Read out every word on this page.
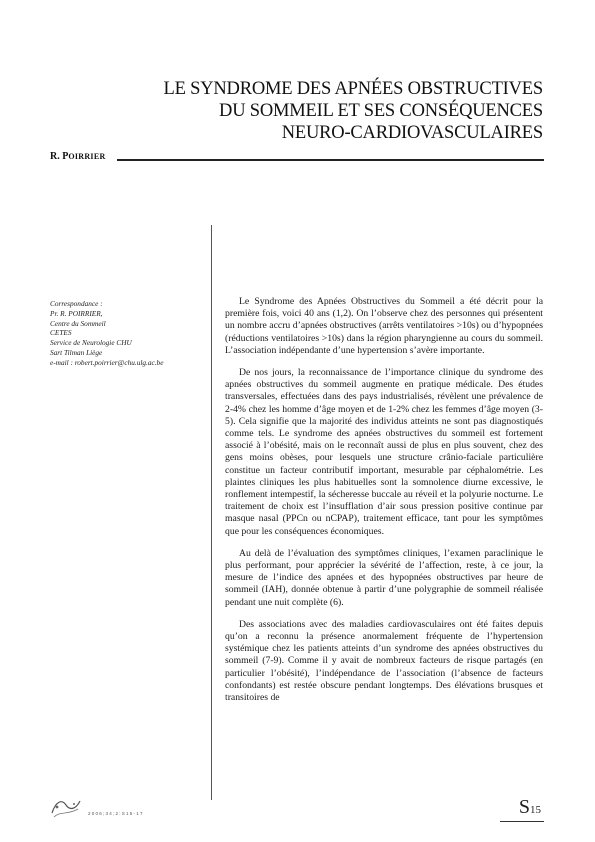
LE SYNDROME DES APNÉES OBSTRUCTIVES
DU SOMMEIL ET SES CONSÉQUENCES
NEURO-CARDIOVASCULAIRES
R. POIRRIER
Correspondance :
Pr. R. POIRRIER,
Centre du Sommeil
CETES
Service de Neurologie CHU
Sart Tilman Liège
e-mail : robert.poirrier@chu.ulg.ac.be

Le Syndrome des Apnées Obstructives du Sommeil a été décrit pour la première fois, voici 40 ans (1,2). On l’observe chez des personnes qui présentent un nombre accru d’apnées obstructives (arrêts ventilatoires >10s) ou d’hypopnées (réductions ventilatoires >10s) dans la région pharyngienne au cours du sommeil. L’association indépendante d’une hypertension s’avère importante.

De nos jours, la reconnaissance de l’importance clinique du syndrome des apnées obstructives du sommeil augmente en pratique médicale. Des études transversales, effectuées dans des pays industrialisés, révèlent une prévalence de 2-4% chez les homme d’âge moyen et de 1-2% chez les femmes d’âge moyen (3-5). Cela signifie que la majorité des individus atteints ne sont pas diagnostiqués comme tels. Le syndrome des apnées obstructives du sommeil est fortement associé à l’obésité, mais on le reconnaît aussi de plus en plus souvent, chez des gens moins obèses, pour lesquels une structure crânio-faciale particulière constitue un facteur contributif important, mesurable par céphalométrie. Les plaintes cliniques les plus habituelles sont la somnolence diurne excessive, le ronflement intempestif, la sécheresse buccale au réveil et la polyurie nocturne. Le traitement de choix est l’insufflation d’air sous pression positive continue par masque nasal (PPCn ou nCPAP), traitement efficace, tant pour les symptômes que pour les conséquences économiques.

Au delà de l’évaluation des symptômes cliniques, l’examen paraclinique le plus performant, pour apprécier la sévérité de l’affection, reste, à ce jour, la mesure de l’indice des apnées et des hypopnées obstructives par heure de sommeil (IAH), donnée obtenue à partir d’une polygraphie de sommeil réalisée pendant une nuit complète (6).

Des associations avec des maladies cardiovasculaires ont été faites depuis qu’on a reconnu la présence anormalement fréquente de l’hypertension systémique chez les patients atteints d’un syndrome des apnées obstructives du sommeil (7-9). Comme il y avait de nombreux facteurs de risque partagés (en particulier l’obésité), l’indépendance de l’association (l’absence de facteurs confondants) est restée obscure pendant longtemps. Des élévations brusques et transitoires de

2 0 0 6 ; 3 4 ; 2 : S 1 5 - 1 7	S15
